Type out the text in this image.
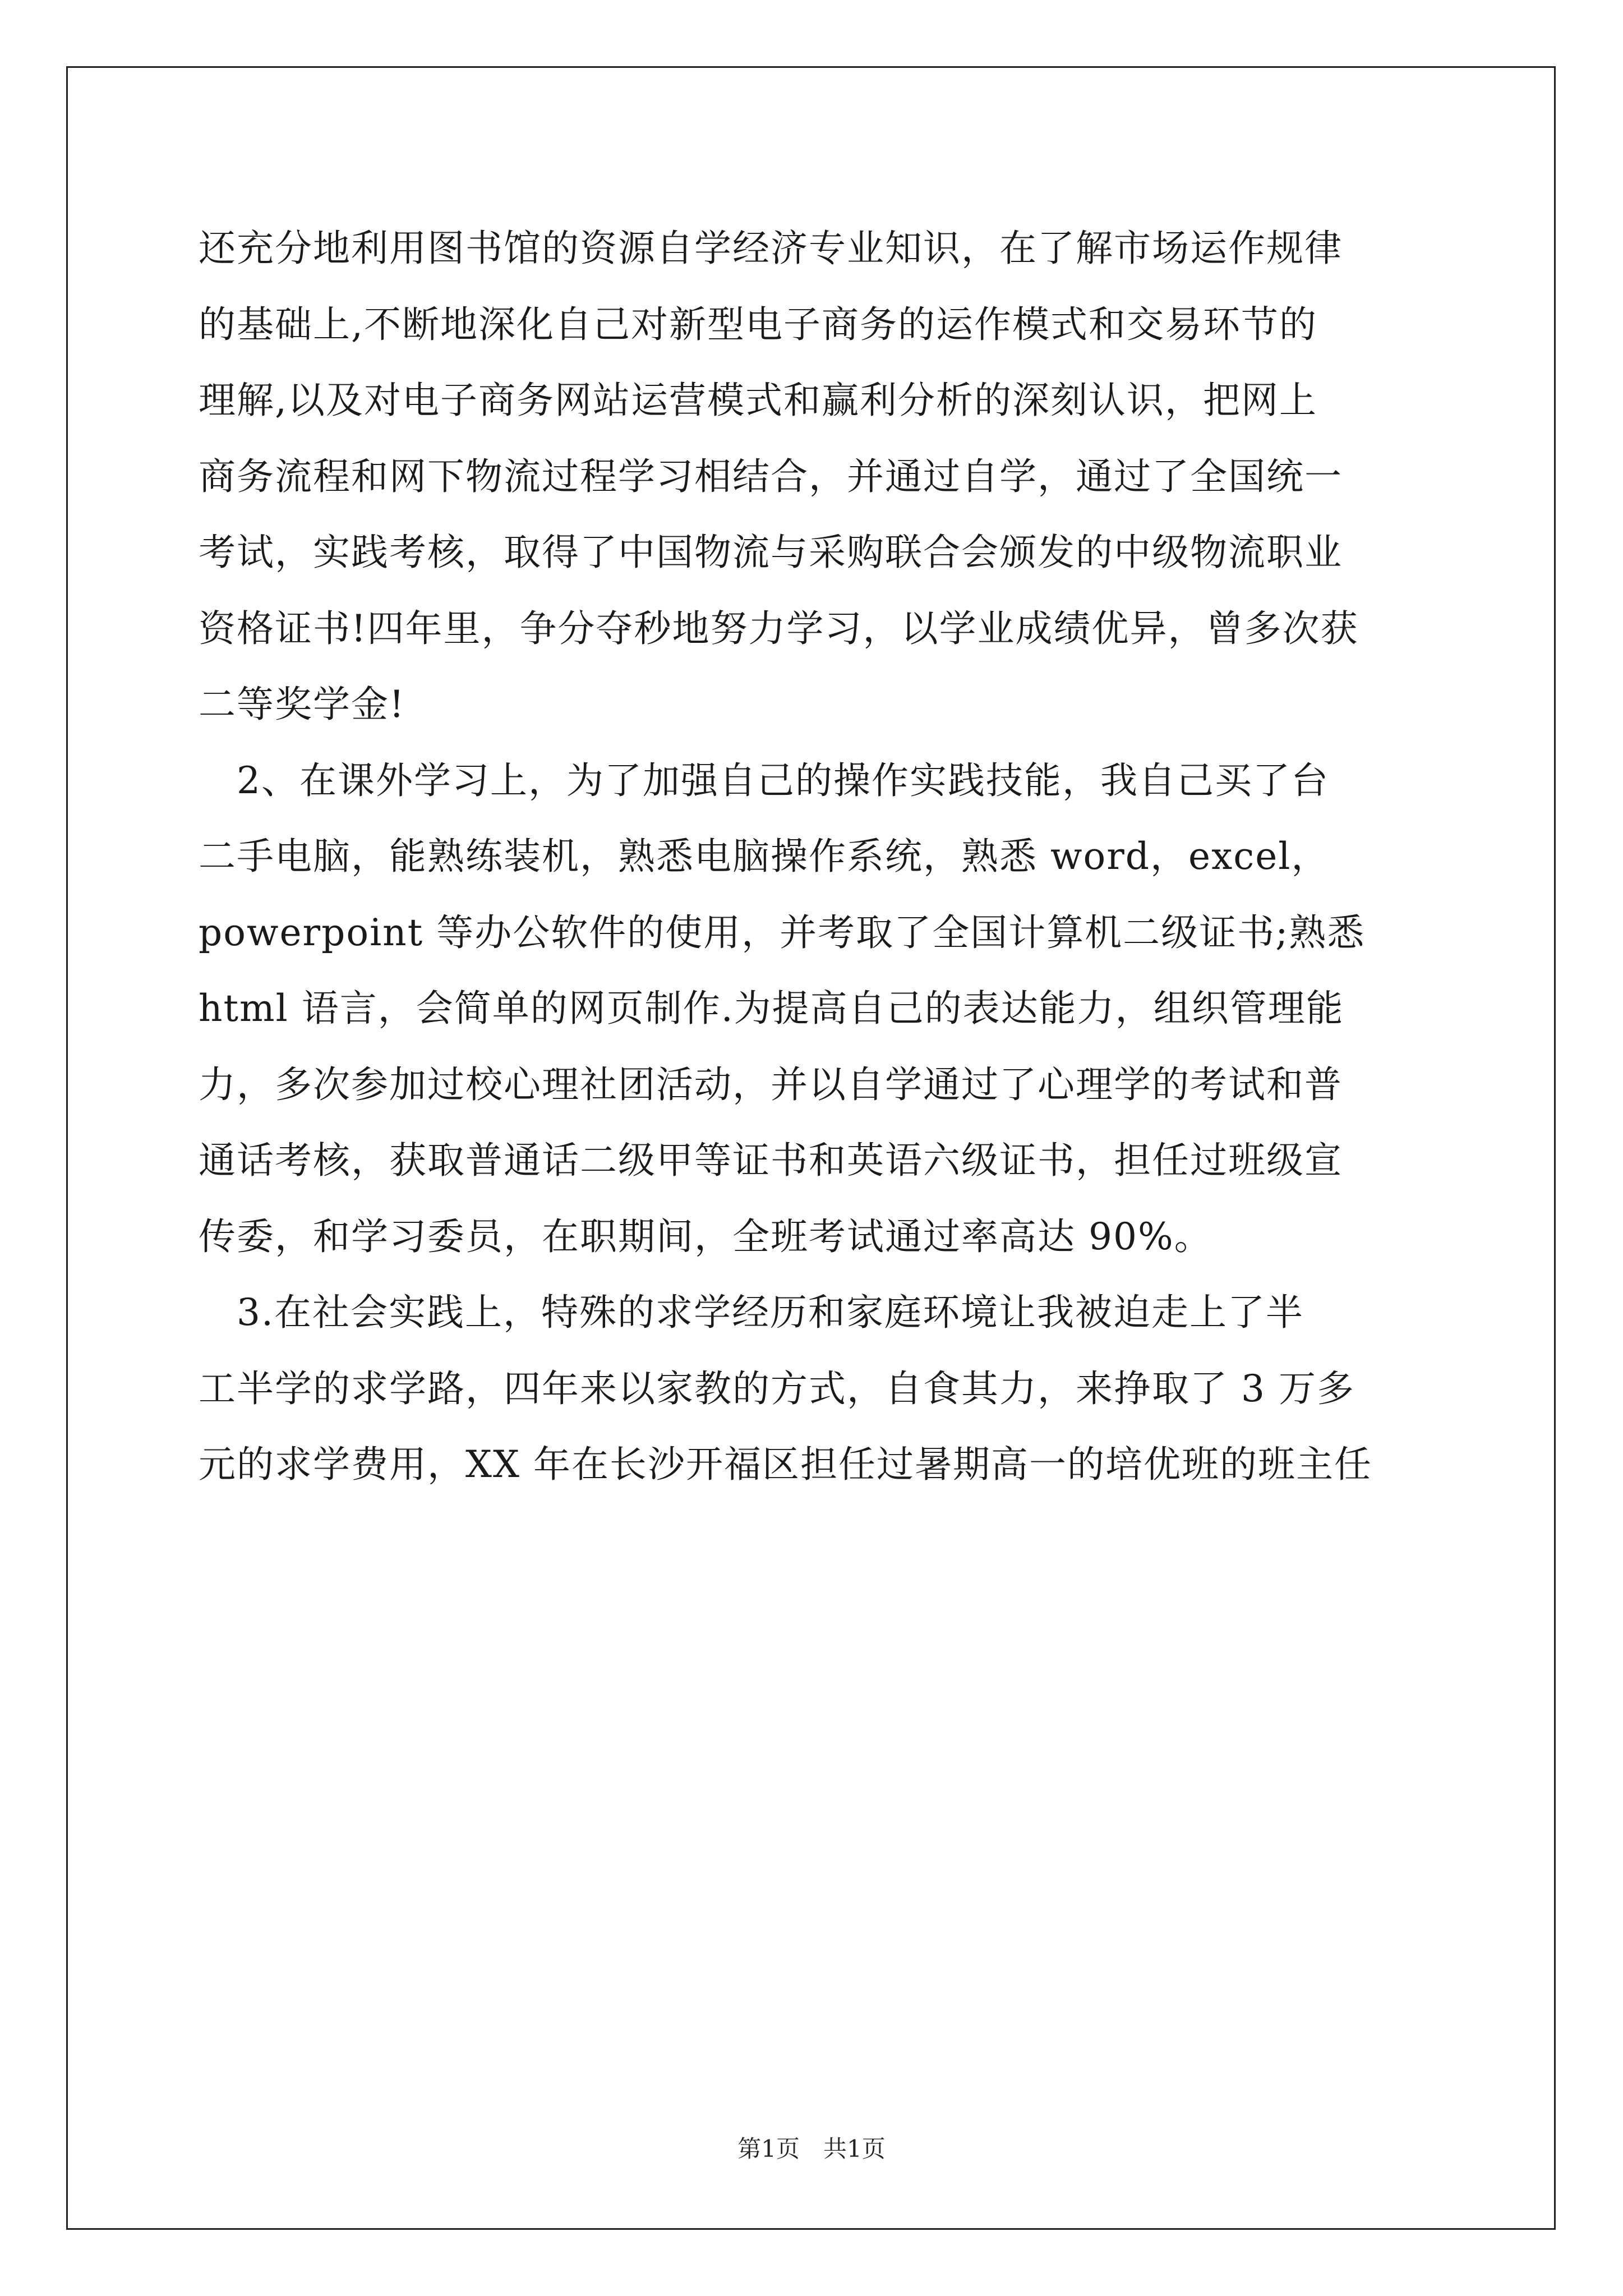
还充分地利用图书馆的资源自学经济专业知识，在了解市场运作规律
的基础上,不断地深化自己对新型电子商务的运作模式和交易环节的
理解,以及对电子商务网站运营模式和赢利分析的深刻认识，把网上
商务流程和网下物流过程学习相结合，并通过自学，通过了全国统一
考试，实践考核，取得了中国物流与采购联合会颁发的中级物流职业
资格证书!四年里，争分夺秒地努力学习，以学业成绩优异，曾多次获
二等奖学金!
　2、在课外学习上，为了加强自己的操作实践技能，我自己买了台
二手电脑，能熟练装机，熟悉电脑操作系统，熟悉 word，excel，
powerpoint 等办公软件的使用，并考取了全国计算机二级证书;熟悉
html 语言，会简单的网页制作.为提高自己的表达能力，组织管理能
力，多次参加过校心理社团活动，并以自学通过了心理学的考试和普
通话考核，获取普通话二级甲等证书和英语六级证书，担任过班级宣
传委，和学习委员，在职期间，全班考试通过率高达 90%。
　3.在社会实践上，特殊的求学经历和家庭环境让我被迫走上了半
工半学的求学路，四年来以家教的方式，自食其力，来挣取了 3 万多
元的求学费用，XX 年在长沙开福区担任过暑期高一的培优班的班主任
第1页　共1页
